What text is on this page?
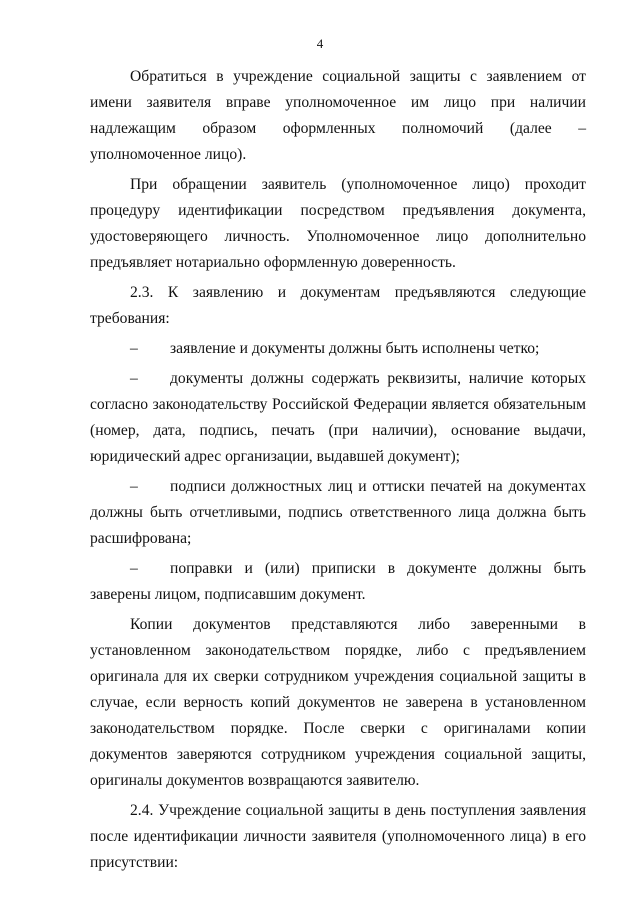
4

Обратиться в учреждение социальной защиты с заявлением от имени заявителя вправе уполномоченное им лицо при наличии надлежащим образом оформленных полномочий (далее – уполномоченное лицо).

При обращении заявитель (уполномоченное лицо) проходит процедуру идентификации посредством предъявления документа, удостоверяющего личность. Уполномоченное лицо дополнительно предъявляет нотариально оформленную доверенность.

2.3. К заявлению и документам предъявляются следующие требования:

– заявление и документы должны быть исполнены четко;

– документы должны содержать реквизиты, наличие которых согласно законодательству Российской Федерации является обязательным (номер, дата, подпись, печать (при наличии), основание выдачи, юридический адрес организации, выдавшей документ);

– подписи должностных лиц и оттиски печатей на документах должны быть отчетливыми, подпись ответственного лица должна быть расшифрована;

– поправки и (или) приписки в документе должны быть заверены лицом, подписавшим документ.

Копии документов представляются либо заверенными в установленном законодательством порядке, либо с предъявлением оригинала для их сверки сотрудником учреждения социальной защиты в случае, если верность копий документов не заверена в установленном законодательством порядке. После сверки с оригиналами копии документов заверяются сотрудником учреждения социальной защиты, оригиналы документов возвращаются заявителю.

2.4. Учреждение социальной защиты в день поступления заявления после идентификации личности заявителя (уполномоченного лица) в его присутствии:
